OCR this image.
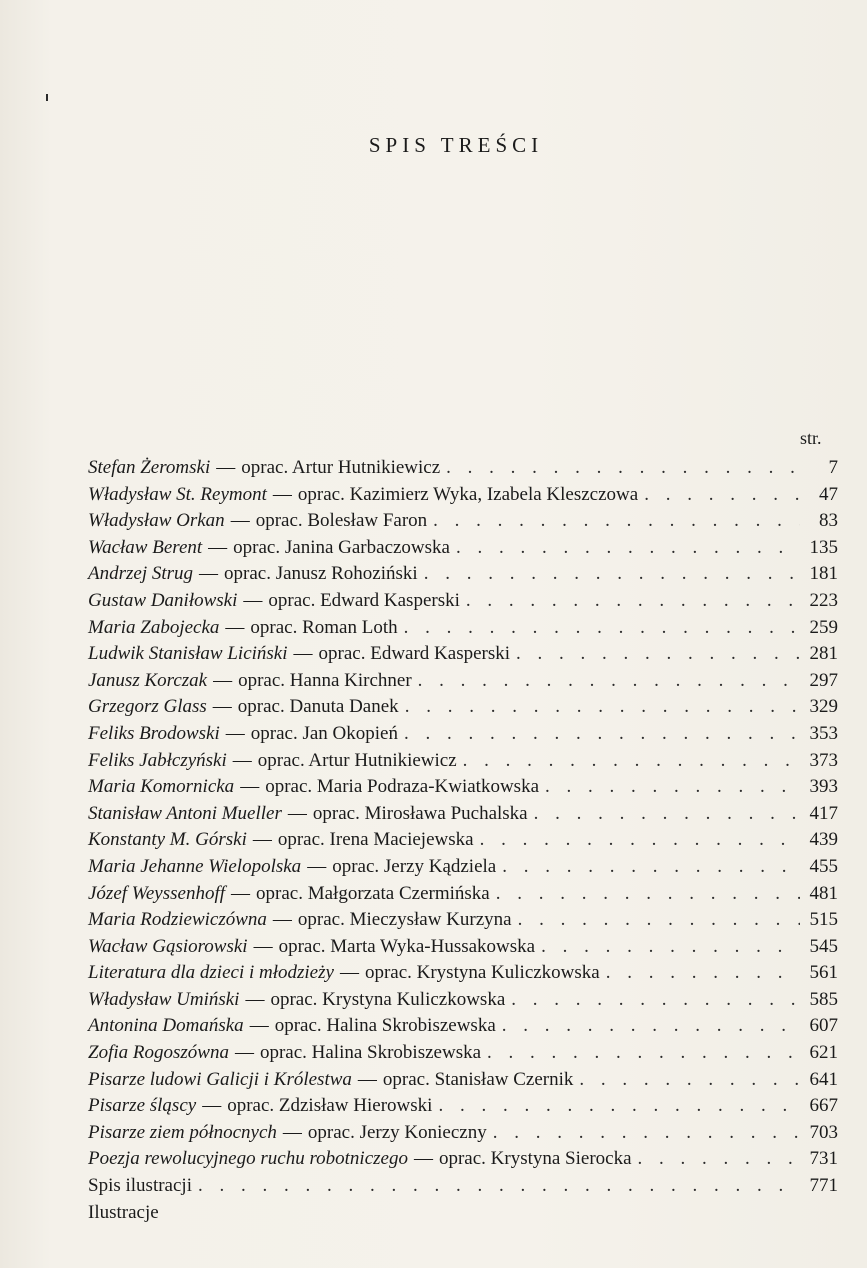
SPIS TREŚCI
str.
Stefan Żeromski — oprac. Artur Hutnikiewicz . . .	7
Władysław St. Reymont — oprac. Kazimierz Wyka, Izabela Kleszczowa . . .	47
Władysław Orkan — oprac. Bolesław Faron . . .	83
Wacław Berent — oprac. Janina Garbaczowska . . .	135
Andrzej Strug — oprac. Janusz Rohoziński . . .	181
Gustaw Daniłowski — oprac. Edward Kasperski . . .	223
Maria Zabojecka — oprac. Roman Loth . . .	259
Ludwik Stanisław Liciński — oprac. Edward Kasperski . . .	281
Janusz Korczak — oprac. Hanna Kirchner . . .	297
Grzegorz Glass — oprac. Danuta Danek . . .	329
Feliks Brodowski — oprac. Jan Okopień . . .	353
Feliks Jabłczyński — oprac. Artur Hutnikiewicz . . .	373
Maria Komornicka — oprac. Maria Podraza-Kwiatkowska . . .	393
Stanisław Antoni Mueller — oprac. Mirosława Puchalska . . .	417
Konstanty M. Górski — oprac. Irena Maciejewska . . .	439
Maria Jehanne Wielopolska — oprac. Jerzy Kądziela . . .	455
Józef Weyssenhoff — oprac. Małgorzata Czermińska . . .	481
Maria Rodziewiczówna — oprac. Mieczysław Kurzyna . . .	515
Wacław Gąsiorowski — oprac. Marta Wyka-Hussakowska . . .	545
Literatura dla dzieci i młodzieży — oprac. Krystyna Kuliczkowska . . .	561
Władysław Umiński — oprac. Krystyna Kuliczkowska . . .	585
Antonina Domańska — oprac. Halina Skrobiszewska . . .	607
Zofia Rogoszówna — oprac. Halina Skrobiszewska . . .	621
Pisarze ludowi Galicji i Królestwa — oprac. Stanisław Czernik . . .	641
Pisarze śląscy — oprac. Zdzisław Hierowski . . .	667
Pisarze ziem północnych — oprac. Jerzy Konieczny . . .	703
Poezja rewolucyjnego ruchu robotniczego — oprac. Krystyna Sierocka . . .	731
Spis ilustracji . . .	771
Ilustracje
